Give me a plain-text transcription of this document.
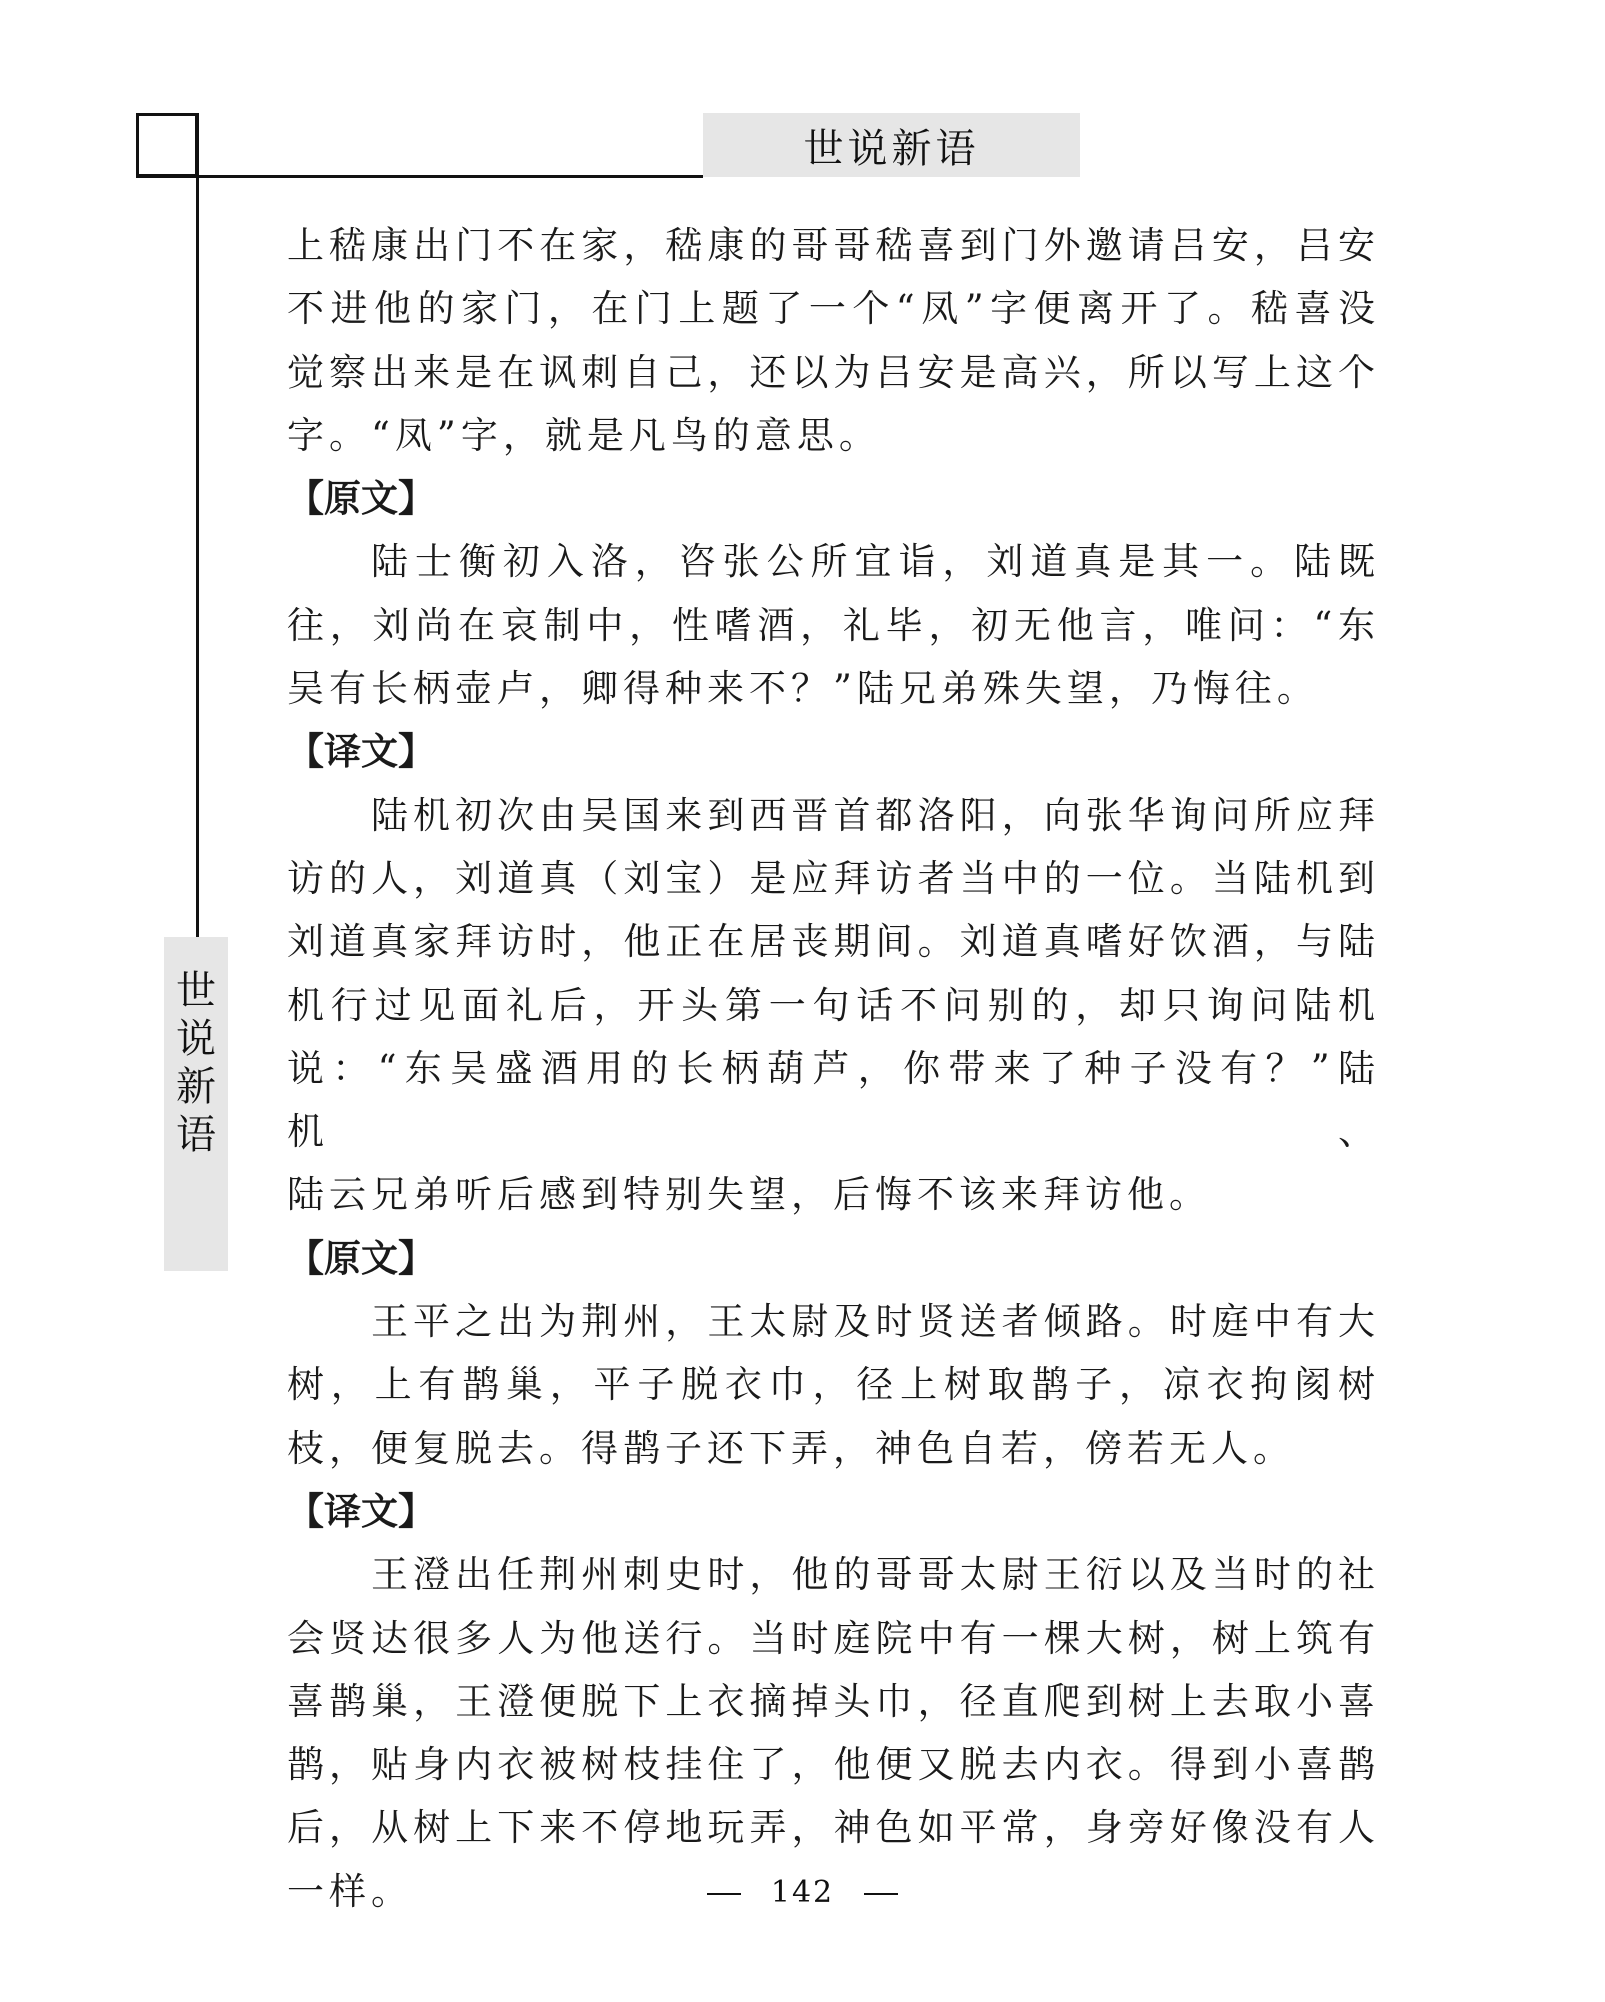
世说新语
世
说
新
语

上嵇康出门不在家，嵇康的哥哥嵇喜到门外邀请吕安，吕安

不进他的家门，在门上题了一个“凤”字便离开了。嵇喜没

觉察出来是在讽刺自己，还以为吕安是高兴，所以写上这个

字。“凤”字，就是凡鸟的意思。

【原文】

陆士衡初入洛，咨张公所宜诣，刘道真是其一。陆既

往，刘尚在哀制中，性嗜酒，礼毕，初无他言，唯问：“东

吴有长柄壶卢，卿得种来不？”陆兄弟殊失望，乃悔往。

【译文】

陆机初次由吴国来到西晋首都洛阳，向张华询问所应拜

访的人，刘道真（刘宝）是应拜访者当中的一位。当陆机到

刘道真家拜访时，他正在居丧期间。刘道真嗜好饮酒，与陆

机行过见面礼后，开头第一句话不问别的，却只询问陆机

说：“东吴盛酒用的长柄葫芦，你带来了种子没有？”陆机、

陆云兄弟听后感到特别失望，后悔不该来拜访他。

【原文】

王平之出为荆州，王太尉及时贤送者倾路。时庭中有大

树，上有鹊巢，平子脱衣巾，径上树取鹊子，凉衣拘阂树

枝，便复脱去。得鹊子还下弄，神色自若，傍若无人。

【译文】

王澄出任荆州刺史时，他的哥哥太尉王衍以及当时的社

会贤达很多人为他送行。当时庭院中有一棵大树，树上筑有

喜鹊巢，王澄便脱下上衣摘掉头巾，径直爬到树上去取小喜

鹊，贴身内衣被树枝挂住了，他便又脱去内衣。得到小喜鹊

后，从树上下来不停地玩弄，神色如平常，身旁好像没有人

一样。	142
